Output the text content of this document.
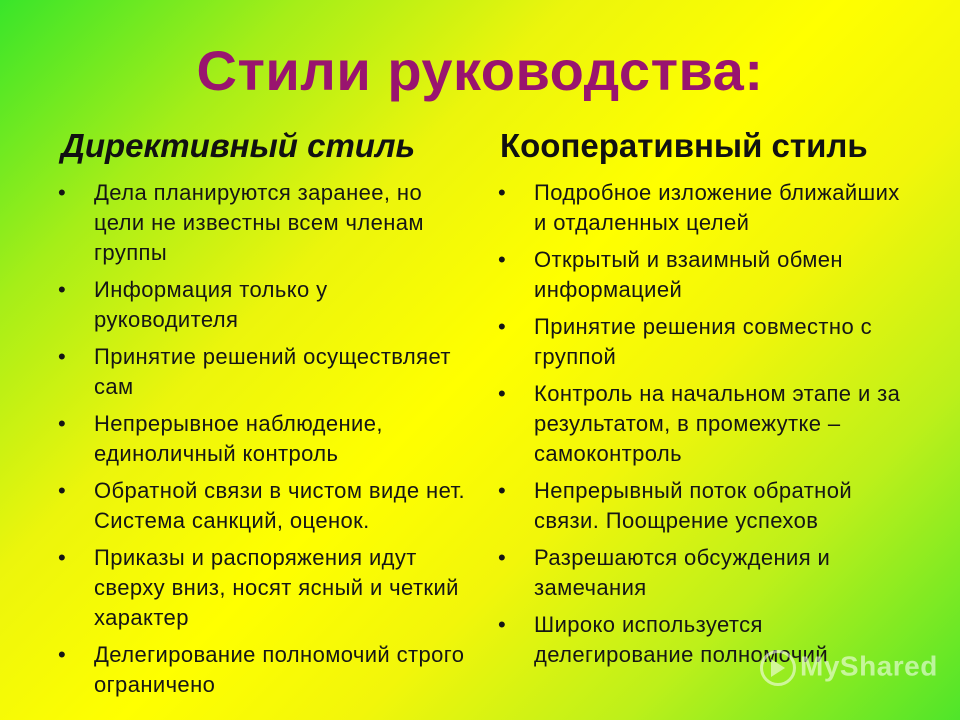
Стили руководства:
Директивный стиль
•	Дела планируются заранее, но цели не известны всем членам группы
•	Информация только у руководителя
•	Принятие решений осуществляет сам
•	Непрерывное наблюдение, единоличный контроль
•	Обратной связи в чистом виде нет. Система санкций, оценок.
•	Приказы и распоряжения идут сверху вниз, носят ясный и четкий характер
•	Делегирование полномочий строго ограничено
Кооперативный стиль
•	Подробное изложение ближайших и отдаленных целей
•	Открытый и взаимный обмен информацией
•	Принятие решения совместно с группой
•	Контроль на начальном этапе и за результатом, в промежутке – самоконтроль
•	Непрерывный поток обратной связи. Поощрение успехов
•	Разрешаются обсуждения и замечания
•	Широко используется делегирование полномочий
MyShared
